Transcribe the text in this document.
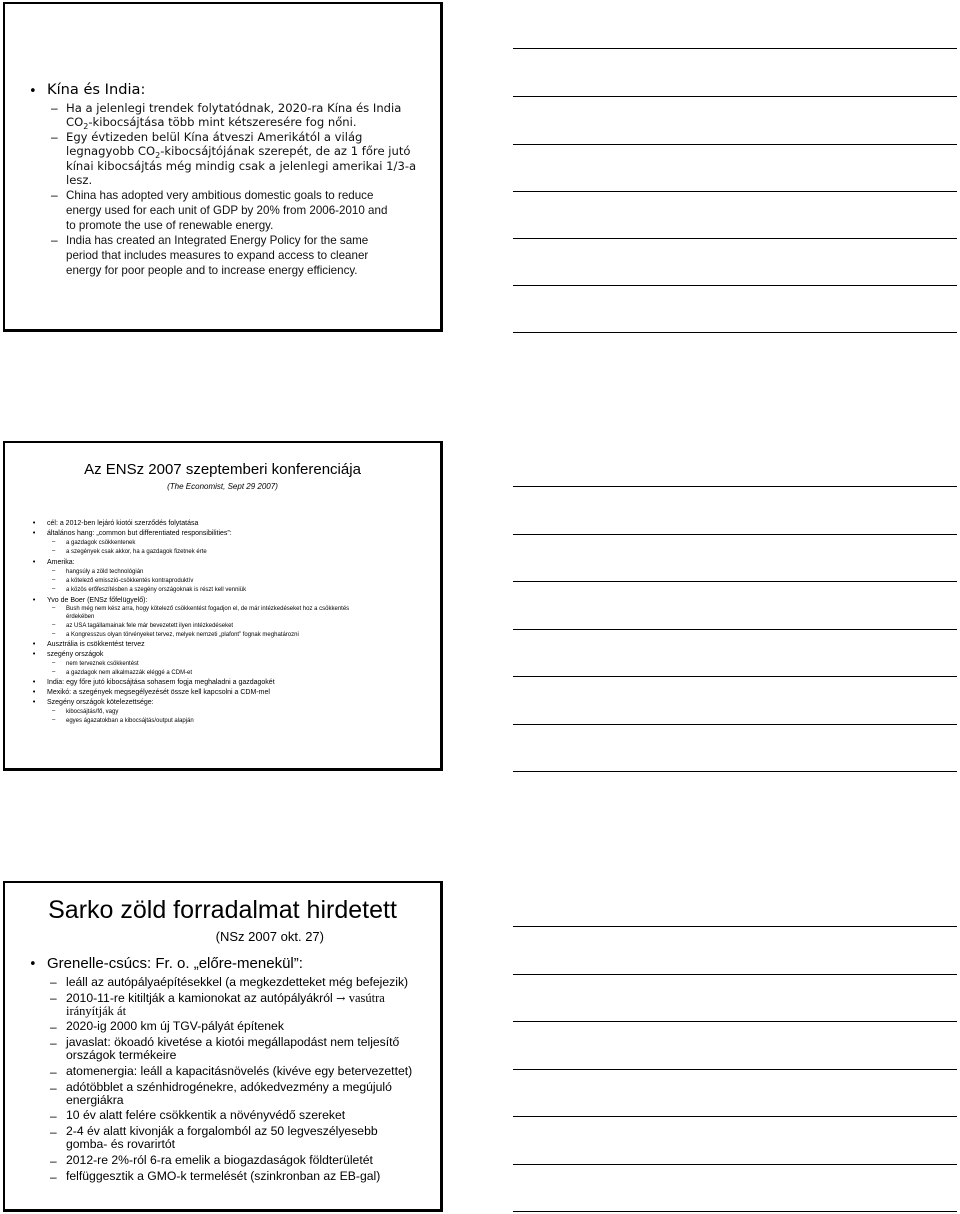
• Kína és India:
– Ha a jelenlegi trendek folytatódnak, 2020-ra Kína és India
$CO_2$-kibocsájtása több mint kétszeresére fog nőni.
– Egy évtizeden belül Kína átveszi Amerikától a világ
legnagyobb $CO_2$-kibocsájtójának szerepét, de az 1 főre jutó
kínai kibocsájtás még mindig csak a jelenlegi amerikai 1/3-a
lesz.
– China has adopted very ambitious domestic goals to reduce
energy used for each unit of GDP by 20% from 2006-2010 and
to promote the use of renewable energy.
– India has created an Integrated Energy Policy for the same
period that includes measures to expand access to cleaner
energy for poor people and to increase energy efficiency.
Az ENSz 2007 szeptemberi konferenciája
(The Economist, Sept 29 2007)
• cél: a 2012-ben lejáró kiotói szerződés folytatása
• általános hang: „common but differentiated responsibilities”:
– a gazdagok csökkentenek
– a szegények csak akkor, ha a gazdagok fizetnek érte
• Amerika:
– hangsúly a zöld technológián
– a kötelező emisszió-csökkentés kontraproduktív
– a közös erőfeszítésben a szegény országoknak is részt kell venniük
• Yvo de Boer (ENSz főfelügyelő):
– Bush még nem kész arra, hogy kötelező csökkentést fogadjon el, de már intézkedéseket hoz a csökkentés
érdekében
– az USA tagállamainak fele már bevezetett ilyen intézkedéseket
– a Kongresszus olyan törvényeket tervez, melyek nemzeti „plafont” fognak meghatározni
• Ausztrália is csökkentést tervez
• szegény országok
– nem terveznek csökkentést
– a gazdagok nem alkalmazzák eléggé a CDM-et
• India: egy főre jutó kibocsájtása sohasem fogja meghaladni a gazdagokét
• Mexikó: a szegények megsegélyezését össze kell kapcsolni a CDM-mel
• Szegény országok kötelezettsége:
– kibocsájtás/fő, vagy
– egyes ágazatokban a kibocsájtás/output alapján
Sarko zöld forradalmat hirdetett
(NSz 2007 okt. 27)
• Grenelle-csúcs: Fr. o. „előre-menekül”:
– leáll az autópályaépítésekkel (a megkezdetteket még befejezik)
– 2010-11-re kitiltják a kamionokat az autópályákról → vasútra
irányítják át
– 2020-ig 2000 km új TGV-pályát építenek
– javaslat: ökoadó kivetése a kiotói megállapodást nem teljesítő
országok termékeire
– atomenergia: leáll a kapacitásnövelés (kivéve egy betervezettet)
– adótöbblet a szénhidrogénekre, adókedvezmény a megújuló
energiákra
– 10 év alatt felére csökkentik a növényvédő szereket
– 2-4 év alatt kivonják a forgalomból az 50 legveszélyesebb
gomba- és rovarirtót
– 2012-re 2%-ról 6-ra emelik a biogazdaságok földterületét
– felfüggesztik a GMO-k termelését (szinkronban az EB-gal)
